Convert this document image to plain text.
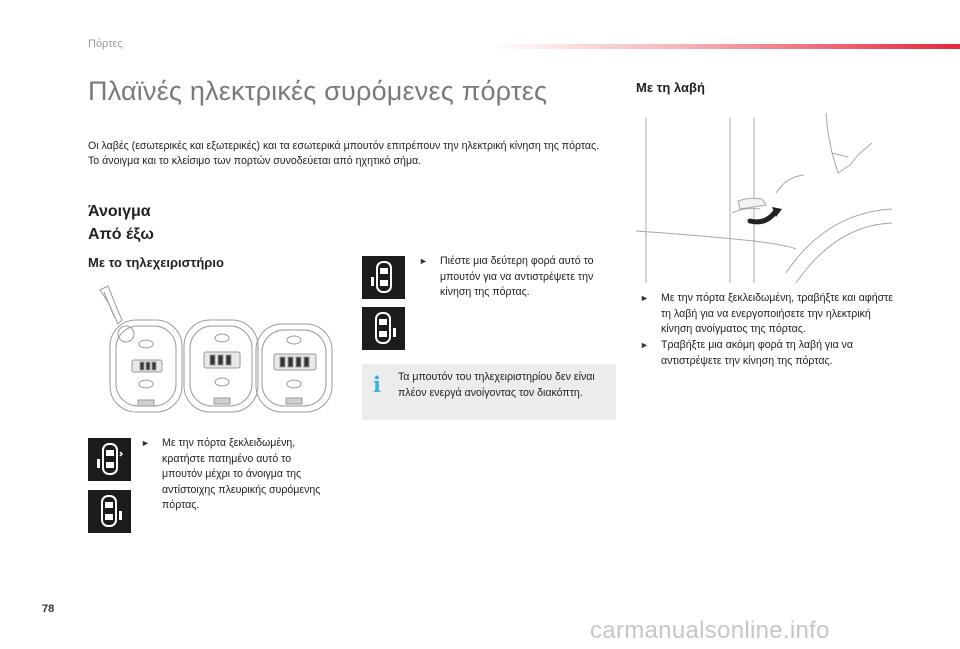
Πόρτες
Πλαϊνές ηλεκτρικές συρόμενες πόρτες

Οι λαβές (εσωτερικές και εξωτερικές) και τα εσωτερικά μπουτόν επιτρέπουν την ηλεκτρική κίνηση της πόρτας.

Το άνοιγμα και το κλείσιμο των πορτών συνοδεύεται από ηχητικό σήμα.

Άνοιγμα
Από έξω
Με το τηλεχειριστήριο
►	Με την πόρτα ξεκλειδωμένη, κρατήστε πατημένο αυτό το μπουτόν μέχρι το άνοιγμα της αντίστοιχης πλευρικής συρόμενης πόρτας.
►	Πιέστε μια δεύτερη φορά αυτό το μπουτόν για να αντιστρέψετε την κίνηση της πόρτας.
i Τα μπουτόν του τηλεχειριστηρίου δεν είναι πλέον ενεργά ανοίγοντας τον διακόπτη.
Με τη λαβή
►	Με την πόρτα ξεκλειδωμένη, τραβήξτε και αφήστε τη λαβή για να ενεργοποιήσετε την ηλεκτρική κίνηση ανοίγματος της πόρτας.
►	Τραβήξτε μια ακόμη φορά τη λαβή για να αντιστρέψετε την κίνηση της πόρτας.
78
carmanualsonline.info
